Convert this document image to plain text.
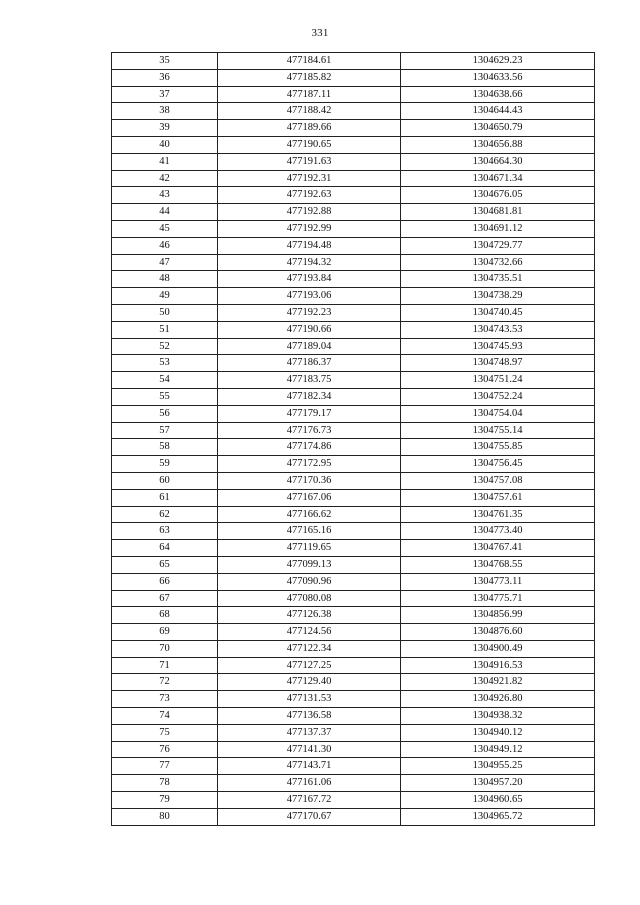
331
35	477184.61	1304629.23
36	477185.82	1304633.56
37	477187.11	1304638.66
38	477188.42	1304644.43
39	477189.66	1304650.79
40	477190.65	1304656.88
41	477191.63	1304664.30
42	477192.31	1304671.34
43	477192.63	1304676.05
44	477192.88	1304681.81
45	477192.99	1304691.12
46	477194.48	1304729.77
47	477194.32	1304732.66
48	477193.84	1304735.51
49	477193.06	1304738.29
50	477192.23	1304740.45
51	477190.66	1304743.53
52	477189.04	1304745.93
53	477186.37	1304748.97
54	477183.75	1304751.24
55	477182.34	1304752.24
56	477179.17	1304754.04
57	477176.73	1304755.14
58	477174.86	1304755.85
59	477172.95	1304756.45
60	477170.36	1304757.08
61	477167.06	1304757.61
62	477166.62	1304761.35
63	477165.16	1304773.40
64	477119.65	1304767.41
65	477099.13	1304768.55
66	477090.96	1304773.11
67	477080.08	1304775.71
68	477126.38	1304856.99
69	477124.56	1304876.60
70	477122.34	1304900.49
71	477127.25	1304916.53
72	477129.40	1304921.82
73	477131.53	1304926.80
74	477136.58	1304938.32
75	477137.37	1304940.12
76	477141.30	1304949.12
77	477143.71	1304955.25
78	477161.06	1304957.20
79	477167.72	1304960.65
80	477170.67	1304965.72
